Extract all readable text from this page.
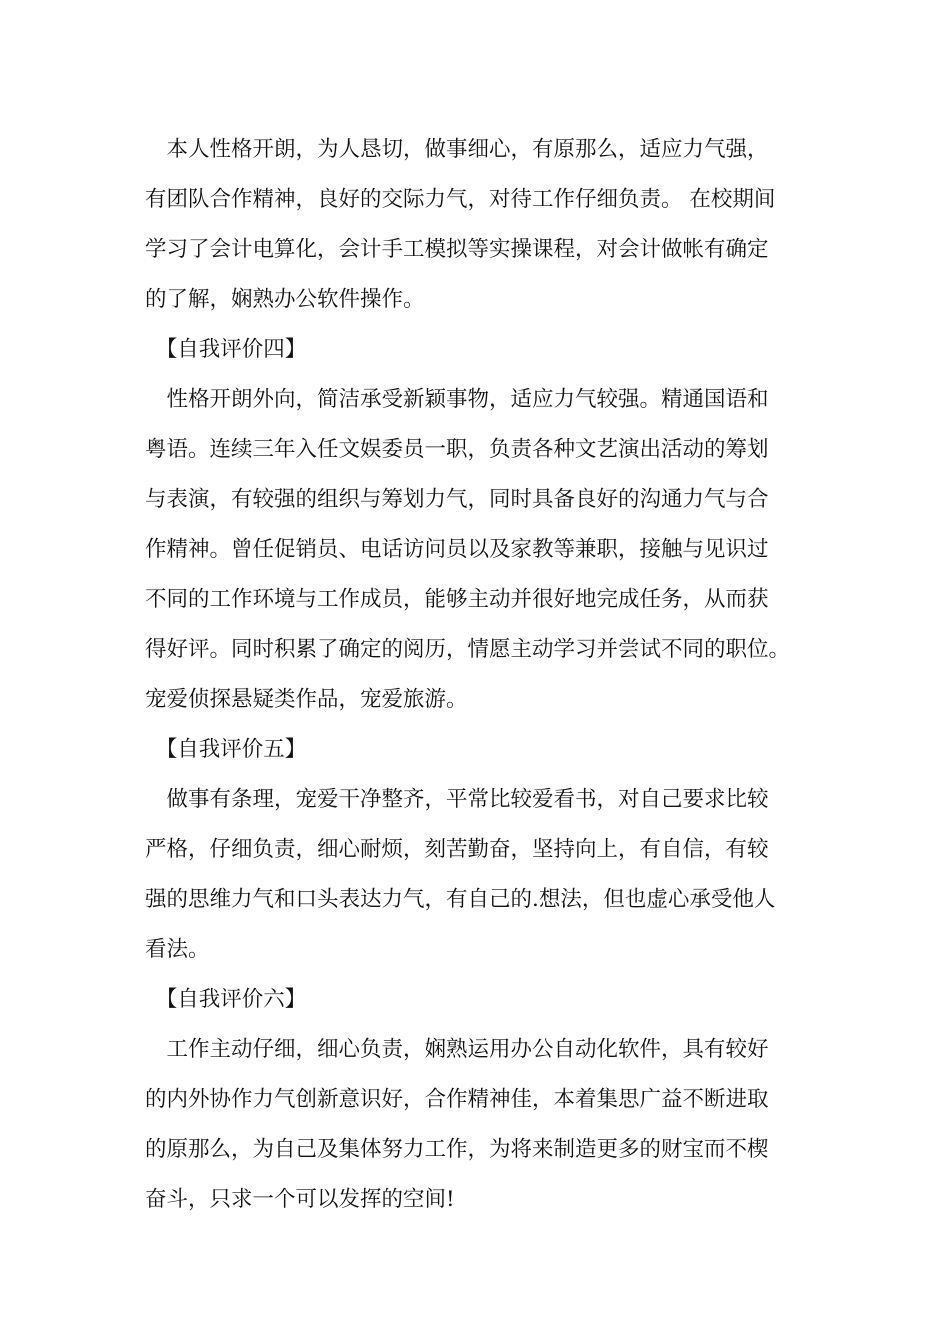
　本人性格开朗，为人恳切，做事细心，有原那么，适应力气强，
有团队合作精神，良好的交际力气，对待工作仔细负责。 在校期间
学习了会计电算化，会计手工模拟等实操课程，对会计做帐有确定
的了解，娴熟办公软件操作。
　【自我评价四】
　性格开朗外向，简洁承受新颖事物，适应力气较强。精通国语和
粤语。连续三年入任文娱委员一职，负责各种文艺演出活动的筹划
与表演，有较强的组织与筹划力气，同时具备良好的沟通力气与合
作精神。曾任促销员、电话访问员以及家教等兼职，接触与见识过
不同的工作环境与工作成员，能够主动并很好地完成任务，从而获
得好评。同时积累了确定的阅历，情愿主动学习并尝试不同的职位。
宠爱侦探悬疑类作品，宠爱旅游。
　【自我评价五】
　做事有条理，宠爱干净整齐，平常比较爱看书，对自己要求比较
严格，仔细负责，细心耐烦，刻苦勤奋，坚持向上，有自信，有较
强的思维力气和口头表达力气，有自己的.想法，但也虚心承受他人
看法。
　【自我评价六】
　工作主动仔细，细心负责，娴熟运用办公自动化软件，具有较好
的内外协作力气创新意识好，合作精神佳，本着集思广益不断进取
的原那么，为自己及集体努力工作，为将来制造更多的财宝而不楔
奋斗，只求一个可以发挥的空间!
